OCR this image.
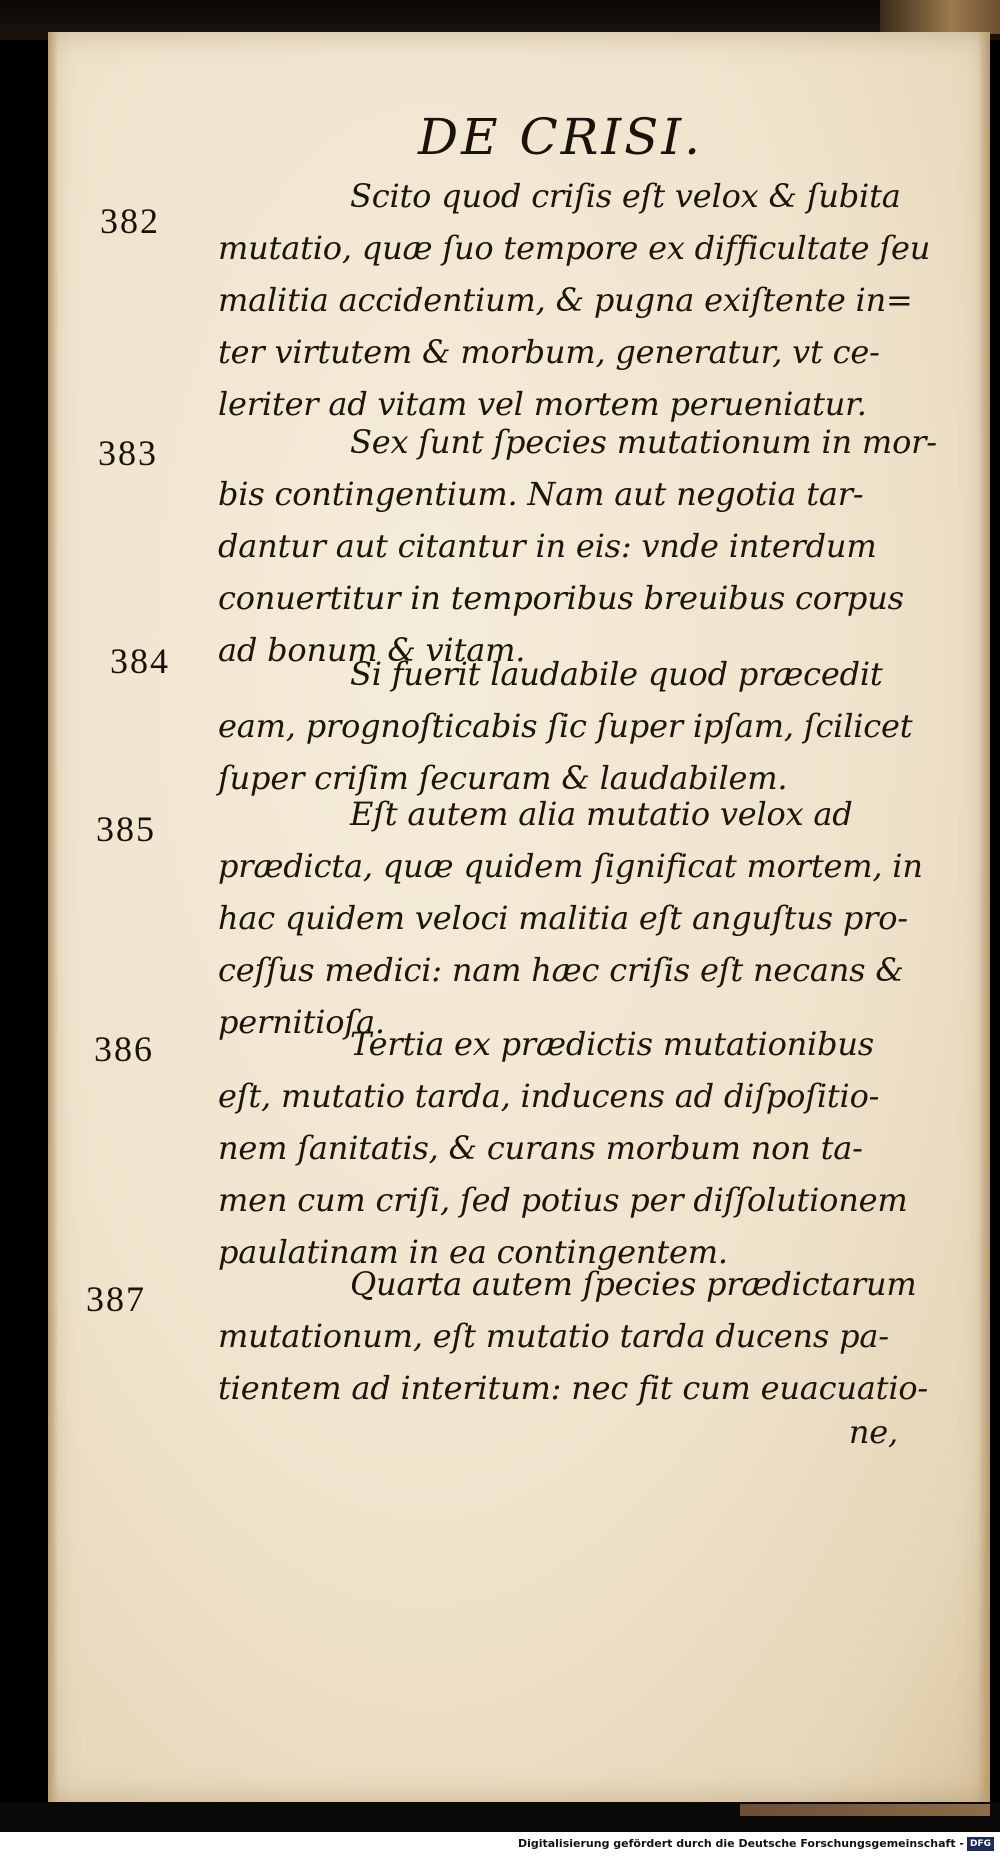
DE CRISI.
382
Scito quod criſis eſt velox & ſubita
mutatio, quæ ſuo tempore ex difficultate ſeu
malitia accidentium, & pugna exiſtente in=
ter virtutem & morbum, generatur, vt ce-
leriter ad vitam vel mortem perueniatur.
383	Sex ſunt ſpecies mutationum in mor-
bis contingentium. Nam aut negotia tar-
dantur aut citantur in eis: vnde interdum
conuertitur in temporibus breuibus corpus
ad bonum & vitam.
384	Si fuerit laudabile quod præcedit
eam, prognoſticabis ſic ſuper ipſam, ſcilicet
ſuper criſim ſecuram & laudabilem.
385	Eſt autem alia mutatio velox ad
prædicta, quæ quidem ſignificat mortem, in
hac quidem veloci malitia eſt anguſtus pro-
ceſſus medici: nam hæc criſis eſt necans &
pernitioſa.
386	Tertia ex prædictis mutationibus
eſt, mutatio tarda, inducens ad diſpoſitio-
nem ſanitatis, & curans morbum non ta-
men cum criſi, ſed potius per diſſolutionem
paulatinam in ea contingentem.
387	Quarta autem ſpecies prædictarum
mutationum, eſt mutatio tarda ducens pa-
tientem ad interitum: nec fit cum euacuatio-
ne,
Digitalisierung gefördert durch die Deutsche Forschungsgemeinschaft - DFG
